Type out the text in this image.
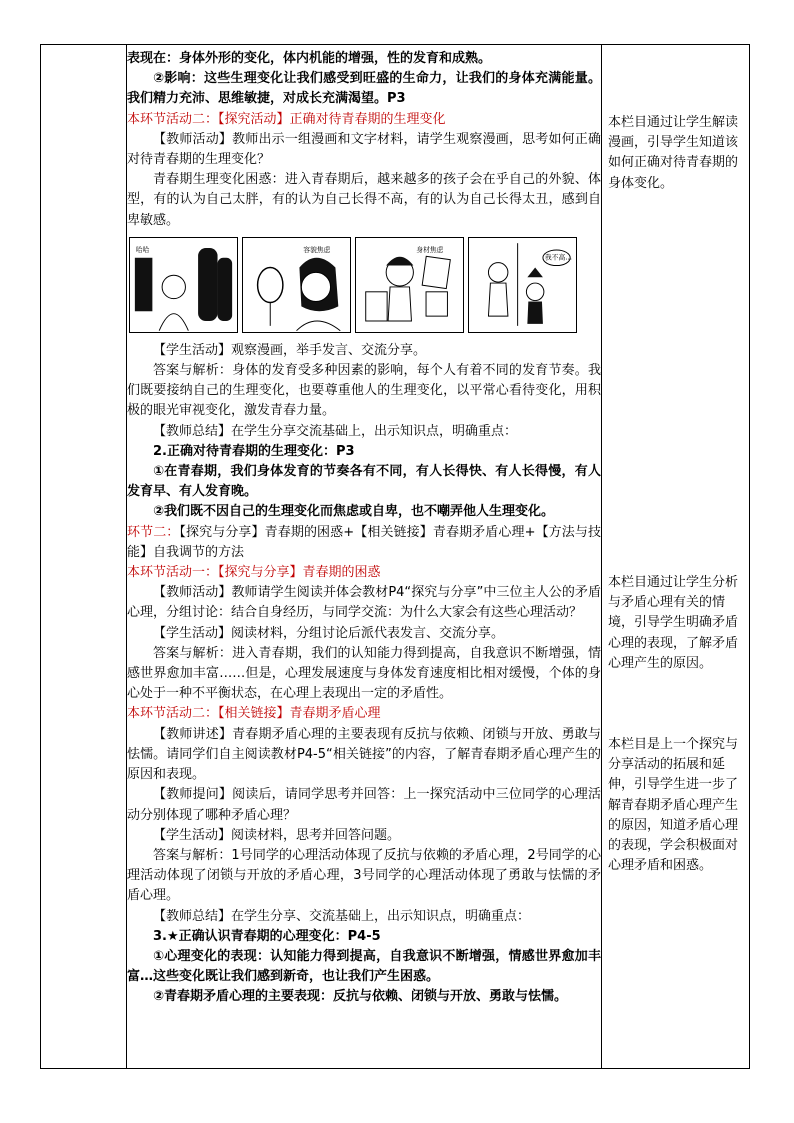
表现在：身体外形的变化，体内机能的增强，性的发育和成熟。

②影响：这些生理变化让我们感受到旺盛的生命力，让我们的身体充满能量。我们精力充沛、思维敏捷，对成长充满渴望。P3

本环节活动二：【探究活动】正确对待青春期的生理变化

【教师活动】教师出示一组漫画和文字材料，请学生观察漫画，思考如何正确对待青春期的生理变化？

青春期生理变化困惑：进入青春期后，越来越多的孩子会在乎自己的外貌、体型，有的认为自己太胖，有的认为自己长得不高，有的认为自己长得太丑，感到自卑敏感。

哈哈	容貌焦虑	身材焦虑
我不高…

【学生活动】观察漫画，举手发言、交流分享。

答案与解析：身体的发育受多种因素的影响，每个人有着不同的发育节奏。我们既要接纳自己的生理变化，也要尊重他人的生理变化，以平常心看待变化，用积极的眼光审视变化，激发青春力量。

【教师总结】在学生分享交流基础上，出示知识点，明确重点：

2.正确对待青春期的生理变化：P3

①在青春期，我们身体发育的节奏各有不同，有人长得快、有人长得慢，有人发育早、有人发育晚。

②我们既不因自己的生理变化而焦虑或自卑，也不嘲弄他人生理变化。

环节二：【探究与分享】青春期的困惑+【相关链接】青春期矛盾心理+【方法与技能】自我调节的方法

本环节活动一：【探究与分享】青春期的困惑

【教师活动】教师请学生阅读并体会教材P4“探究与分享”中三位主人公的矛盾心理，分组讨论：结合自身经历，与同学交流：为什么大家会有这些心理活动？

【学生活动】阅读材料，分组讨论后派代表发言、交流分享。

答案与解析：进入青春期，我们的认知能力得到提高，自我意识不断增强，情感世界愈加丰富……但是，心理发展速度与身体发育速度相比相对缓慢，个体的身心处于一种不平衡状态，在心理上表现出一定的矛盾性。

本环节活动二：【相关链接】青春期矛盾心理

【教师讲述】青春期矛盾心理的主要表现有反抗与依赖、闭锁与开放、勇敢与怯懦。请同学们自主阅读教材P4-5“相关链接”的内容，了解青春期矛盾心理产生的原因和表现。

【教师提问】阅读后，请同学思考并回答：上一探究活动中三位同学的心理活动分别体现了哪种矛盾心理？

【学生活动】阅读材料，思考并回答问题。

答案与解析：1号同学的心理活动体现了反抗与依赖的矛盾心理，2号同学的心理活动体现了闭锁与开放的矛盾心理，3号同学的心理活动体现了勇敢与怯懦的矛盾心理。

【教师总结】在学生分享、交流基础上，出示知识点，明确重点：

3.★正确认识青春期的心理变化：P4-5

①心理变化的表现：认知能力得到提高，自我意识不断增强，情感世界愈加丰富…这些变化既让我们感到新奇，也让我们产生困惑。

②青春期矛盾心理的主要表现：反抗与依赖、闭锁与开放、勇敢与怯懦。

本栏目通过让学生解读漫画，引导学生知道该如何正确对待青春期的身体变化。

本栏目通过让学生分析与矛盾心理有关的情境，引导学生明确矛盾心理的表现，了解矛盾心理产生的原因。

本栏目是上一个探究与分享活动的拓展和延伸，引导学生进一步了解青春期矛盾心理产生的原因，知道矛盾心理的表现，学会积极面对心理矛盾和困惑。
